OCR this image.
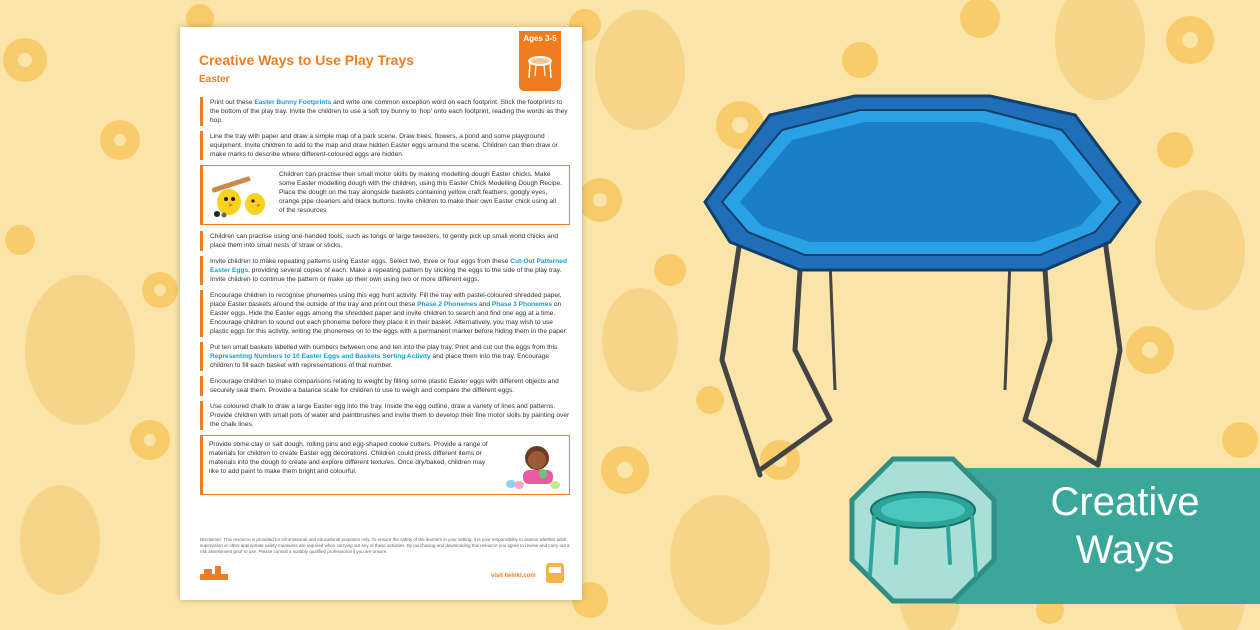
Ages 3-5
Creative Ways to Use Play Trays
Easter
Print out these Easter Bunny Footprints and write one common exception word on each footprint. Stick the footprints to the bottom of the play tray. Invite the children to use a soft toy bunny to 'hop' onto each footprint, reading the words as they hop.
Line the tray with paper and draw a simple map of a park scene. Draw trees, flowers, a pond and some playground equipment. Invite children to add to the map and draw hidden Easter eggs around the scene. Children can then draw or make marks to describe where different-coloured eggs are hidden.
Children can practise their small motor skills by making modelling dough Easter chicks. Make some Easter modelling dough with the children, using this Easter Chick Modelling Dough Recipe. Place the dough on the tray alongside baskets containing yellow craft feathers, googly eyes, orange pipe cleaners and black buttons. Invite children to make their own Easter chick using all of the resources
Children can practise using one-handed tools, such as tongs or large tweezers, to gently pick up small world chicks and place them into small nests of straw or sticks.
Invite children to make repeating patterns using Easter eggs. Select two, three or four eggs from these Cut-Out Patterned Easter Eggs, providing several copies of each. Make a repeating pattern by sticking the eggs to the side of the play tray. Invite children to continue the pattern or make up their own using two or more different eggs.
Encourage children to recognise phonemes using this egg hunt activity. Fill the tray with pastel-coloured shredded paper, place Easter baskets around the outside of the tray and print out these Phase 2 Phonemes and Phase 3 Phonemes on Easter eggs. Hide the Easter eggs among the shredded paper and invite children to search and find one egg at a time. Encourage children to sound out each phoneme before they place it in their basket. Alternatively, you may wish to use plastic eggs for this activity, writing the phonemes on to the eggs with a permanent marker before hiding them in the paper.
Put ten small baskets labelled with numbers between one and ten into the play tray. Print and cut out the eggs from this Representing Numbers to 10 Easter Eggs and Baskets Sorting Activity and place them into the tray. Encourage children to fill each basket with representations of that number.
Encourage children to make comparisons relating to weight by filling some plastic Easter eggs with different objects and securely seal them. Provide a balance scale for children to use to weigh and compare the different eggs.
Use coloured chalk to draw a large Easter egg into the tray. Inside the egg outline, draw a variety of lines and patterns. Provide children with small pots of water and paintbrushes and invite them to develop their fine motor skills by painting over the chalk lines.
Provide some clay or salt dough, rolling pins and egg-shaped cookie cutters. Provide a range of materials for children to create Easter egg decorations. Children could press different items or materials into the dough to create and explore different textures. Once dry/baked, children may like to add paint to make them bright and colourful.
Disclaimer: This resource is provided for informational and educational purposes only. To ensure the safety of the learners in your setting, it is your responsibility to assess whether adult supervision or other appropriate safety measures are required when carrying out any of these activities. By purchasing and downloading this resource you agree to review and carry out a risk assessment prior to use. Please consult a suitably qualified professional if you are unsure.
visit twinkl.com
Creative
Ways
